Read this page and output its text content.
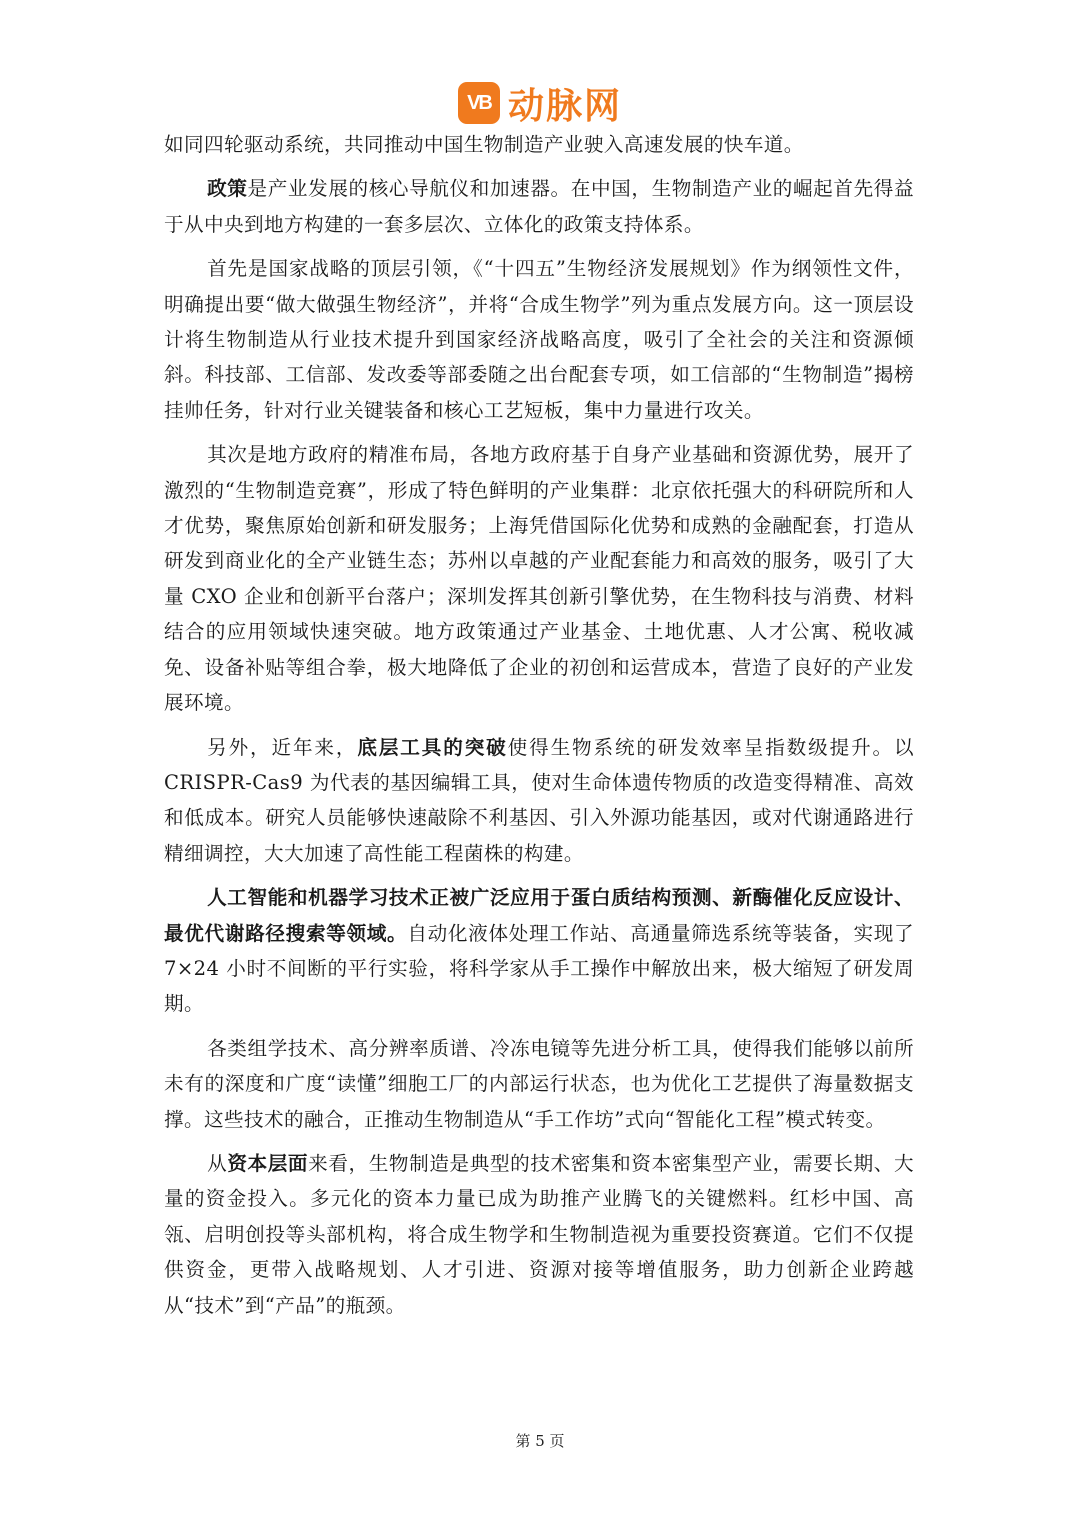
VB 动脉网

如同四轮驱动系统，共同推动中国生物制造产业驶入高速发展的快车道。

政策是产业发展的核心导航仪和加速器。在中国，生物制造产业的崛起首先得益于从中央到地方构建的一套多层次、立体化的政策支持体系。

首先是国家战略的顶层引领，《“十四五”生物经济发展规划》作为纲领性文件，明确提出要“做大做强生物经济”，并将“合成生物学”列为重点发展方向。这一顶层设计将生物制造从行业技术提升到国家经济战略高度，吸引了全社会的关注和资源倾斜。科技部、工信部、发改委等部委随之出台配套专项，如工信部的“生物制造”揭榜挂帅任务，针对行业关键装备和核心工艺短板，集中力量进行攻关。

其次是地方政府的精准布局，各地方政府基于自身产业基础和资源优势，展开了激烈的“生物制造竞赛”，形成了特色鲜明的产业集群：北京依托强大的科研院所和人才优势，聚焦原始创新和研发服务；上海凭借国际化优势和成熟的金融配套，打造从研发到商业化的全产业链生态；苏州以卓越的产业配套能力和高效的服务，吸引了大量 CXO 企业和创新平台落户；深圳发挥其创新引擎优势，在生物科技与消费、材料结合的应用领域快速突破。地方政策通过产业基金、土地优惠、人才公寓、税收减免、设备补贴等组合拳，极大地降低了企业的初创和运营成本，营造了良好的产业发展环境。

另外，近年来，底层工具的突破使得生物系统的研发效率呈指数级提升。以 CRISPR-Cas9 为代表的基因编辑工具，使对生命体遗传物质的改造变得精准、高效和低成本。研究人员能够快速敲除不利基因、引入外源功能基因，或对代谢通路进行精细调控，大大加速了高性能工程菌株的构建。

人工智能和机器学习技术正被广泛应用于蛋白质结构预测、新酶催化反应设计、最优代谢路径搜索等领域。自动化液体处理工作站、高通量筛选系统等装备，实现了 7×24 小时不间断的平行实验，将科学家从手工操作中解放出来，极大缩短了研发周期。

各类组学技术、高分辨率质谱、冷冻电镜等先进分析工具，使得我们能够以前所未有的深度和广度“读懂”细胞工厂的内部运行状态，也为优化工艺提供了海量数据支撑。这些技术的融合，正推动生物制造从“手工作坊”式向“智能化工程”模式转变。

从资本层面来看，生物制造是典型的技术密集和资本密集型产业，需要长期、大量的资金投入。多元化的资本力量已成为助推产业腾飞的关键燃料。红杉中国、高瓴、启明创投等头部机构，将合成生物学和生物制造视为重要投资赛道。它们不仅提供资金，更带入战略规划、人才引进、资源对接等增值服务，助力创新企业跨越从“技术”到“产品”的瓶颈。

第 5 页
